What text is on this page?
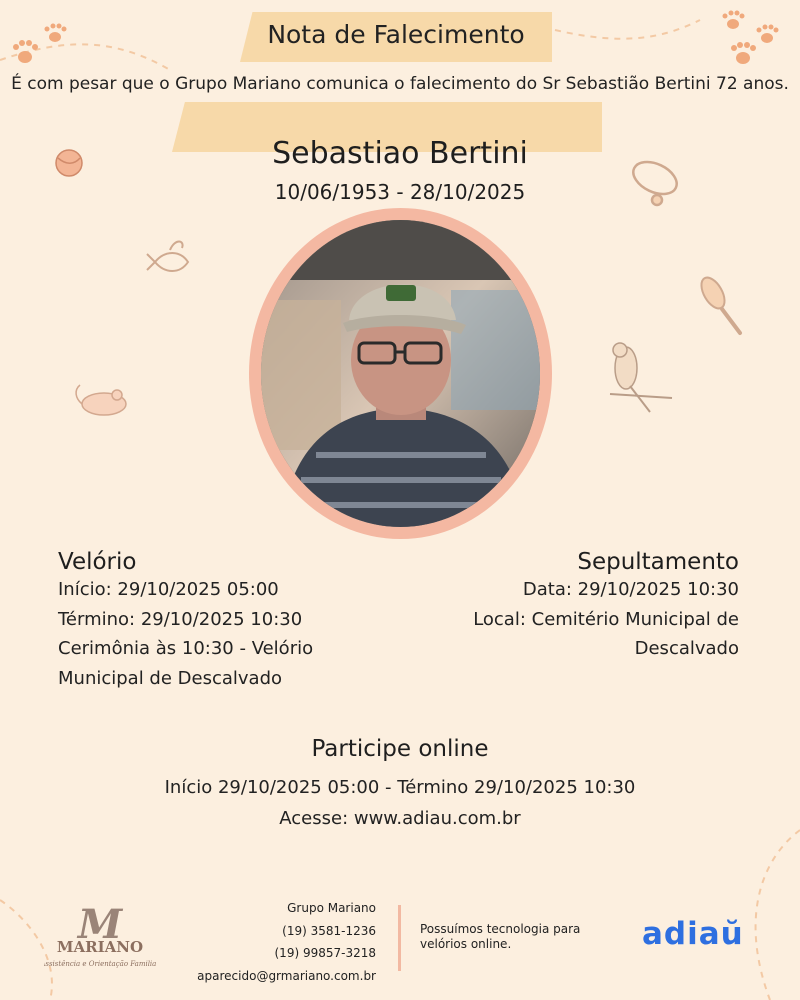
Nota de Falecimento
É com pesar que o Grupo Mariano comunica o falecimento do Sr Sebastião Bertini 72 anos.
Sebastiao Bertini
10/06/1953 - 28/10/2025
Velório
Início: 29/10/2025 05:00
Término: 29/10/2025 10:30
Cerimônia às 10:30 - Velório
Municipal de Descalvado
Sepultamento
Data: 29/10/2025 10:30
Local: Cemitério Municipal de
Descalvado
Participe online
Início 29/10/2025 05:00 - Término 29/10/2025 10:30
Acesse: www.adiau.com.br
M
MARIANO
Assistência e Orientação Familiar
Grupo Mariano
(19) 3581-1236
(19) 99857-3218
aparecido@grmariano.com.br
Possuímos tecnologia para velórios online.	adiaŭ
